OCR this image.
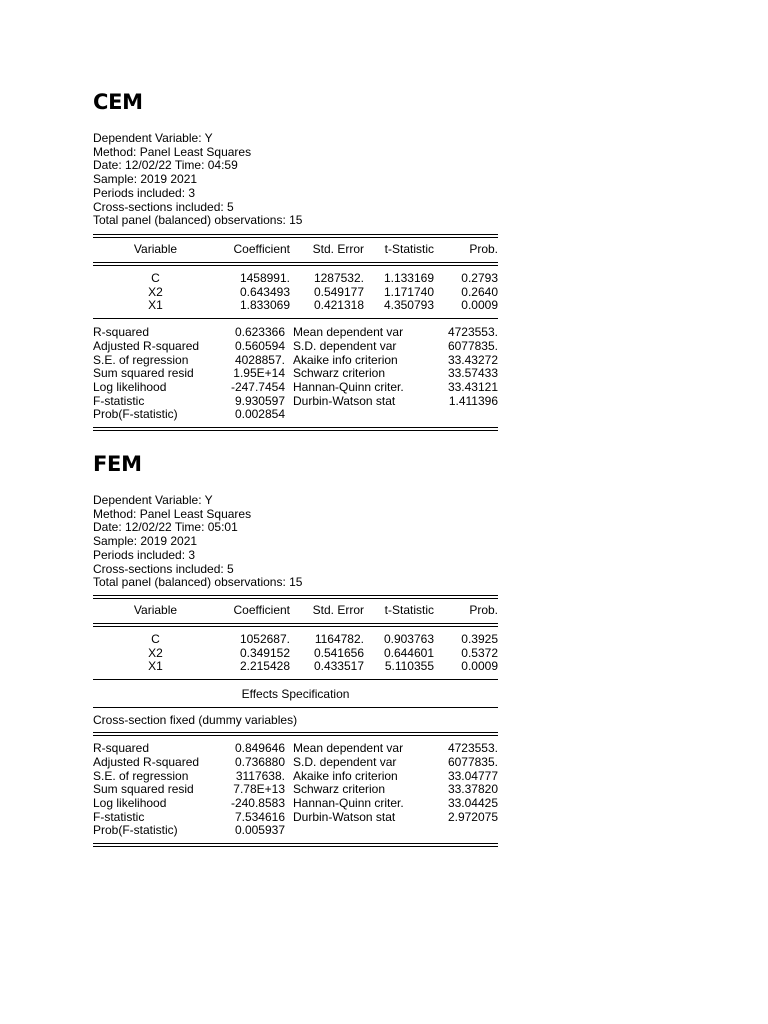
CEM
Dependent Variable: Y
Method: Panel Least Squares
Date: 12/02/22 Time: 04:59
Sample: 2019 2021
Periods included: 3
Cross-sections included: 5
Total panel (balanced) observations: 15
Variable	Coefficient	Std. Error	t-Statistic	Prob.
C	1458991.	1287532.	1.133169	0.2793
X2	0.643493	0.549177	1.171740	0.2640
X1	1.833069	0.421318	4.350793	0.0009
R-squared	0.623366	Mean dependent var	4723553.
Adjusted R-squared	0.560594	S.D. dependent var	6077835.
S.E. of regression	4028857.	Akaike info criterion	33.43272
Sum squared resid	1.95E+14	Schwarz criterion	33.57433
Log likelihood	-247.7454	Hannan-Quinn criter.	33.43121
F-statistic	9.930597	Durbin-Watson stat	1.411396
Prob(F-statistic)	0.002854		
FEM
Dependent Variable: Y
Method: Panel Least Squares
Date: 12/02/22 Time: 05:01
Sample: 2019 2021
Periods included: 3
Cross-sections included: 5
Total panel (balanced) observations: 15
Variable	Coefficient	Std. Error	t-Statistic	Prob.
C	1052687.	1164782.	0.903763	0.3925
X2	0.349152	0.541656	0.644601	0.5372
X1	2.215428	0.433517	5.110355	0.0009
Effects Specification
Cross-section fixed (dummy variables)
R-squared	0.849646	Mean dependent var	4723553.
Adjusted R-squared	0.736880	S.D. dependent var	6077835.
S.E. of regression	3117638.	Akaike info criterion	33.04777
Sum squared resid	7.78E+13	Schwarz criterion	33.37820
Log likelihood	-240.8583	Hannan-Quinn criter.	33.04425
F-statistic	7.534616	Durbin-Watson stat	2.972075
Prob(F-statistic)	0.005937		
